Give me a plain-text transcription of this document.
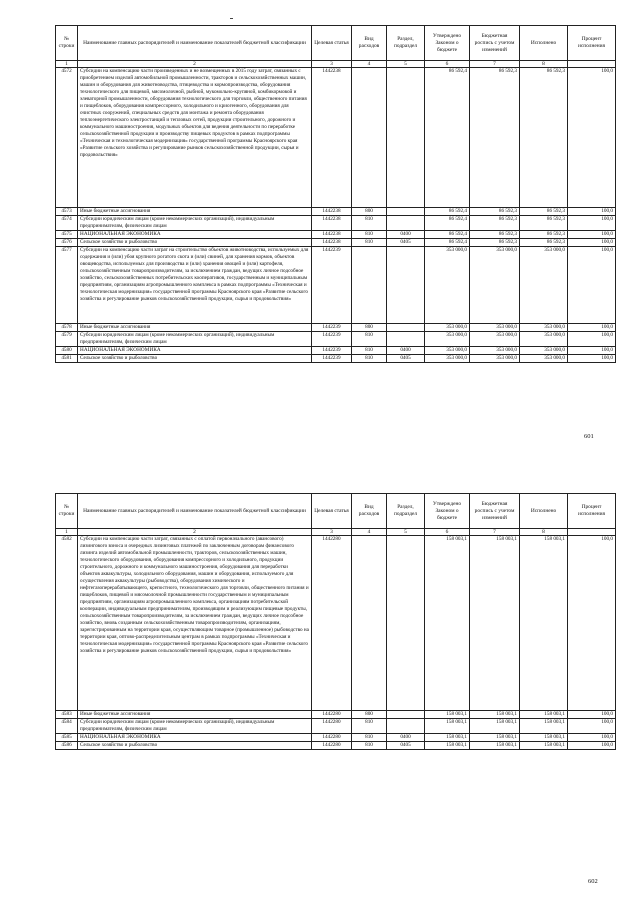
№ строки	Наименование главных распорядителей и наименование показателей бюджетной классификации	Целевая статья	Вид расходов	Раздел, подраздел	Утверждено Законом о бюджете	Бюджетная роспись с учетом изменений	Исполнено	Процент исполнения
1	2	3	4	5	6	7	8	
4572	Субсидии на компенсацию части произведенных и не возмещенных в 2015 году затрат, связанных с приобретением изделий автомобильной промышленности, тракторов и сельскохозяйственных машин, машин и оборудования для животноводства, птицеводства и кормопроизводства, оборудования технологического для пищевой, мясомолочной, рыбной, мукомольно-крупяной, комбикормовой и элеваторной промышленности, оборудования технологического для торговли, общественного питания и пищеблоков, оборудования компрессорного, холодильного и криогенного, оборудования для очистных сооружений, специальных средств для монтажа и ремонта оборудования теплоэнергетического электростанций и тепловых сетей, продукции строительного, дорожного и коммунального машиностроения, модульных объектов для ведения деятельности по переработке сельскохозяйственной продукции и производству пищевых продуктов в рамках подпрограммы «Техническая и технологическая модернизация» государственной программы Красноярского края «Развитие сельского хозяйства и регулирование рынков сельскохозяйственной продукции, сырья и продовольствия»	1442238			86 592,4	86 592,3	86 592,3	100,0
4573	Иные бюджетные ассигнования	1442238	800		86 592,4	86 592,3	86 592,3	100,0
4574	Субсидии юридическим лицам (кроме некоммерческих организаций), индивидуальным предпринимателям, физическим лицам	1442238	810		86 592,4	86 592,3	86 592,3	100,0
4575	НАЦИОНАЛЬНАЯ ЭКОНОМИКА	1442238	810	0400	86 592,4	86 592,3	86 592,3	100,0
4576	Сельское хозяйство и рыболовство	1442238	810	0405	86 592,4	86 592,3	86 592,3	100,0
4577	Субсидии на компенсацию части затрат на строительство объектов животноводства, используемых для содержания и (или) убоя крупного рогатого скота и (или) свиней, для хранения кормов, объектов овощеводства, используемых для производства и (или) хранения овощей и (или) картофеля, сельскохозяйственным товаропроизводителям, за исключением граждан, ведущих личное подсобное хозяйство, сельскохозяйственных потребительских кооперативов, государственным и муниципальным предприятиям, организациям агропромышленного комплекса в рамках подпрограммы «Техническая и технологическая модернизация» государственной программы Красноярского края «Развитие сельского хозяйства и регулирование рынков сельскохозяйственной продукции, сырья и продовольствия»	1442239			353 000,0	353 000,0	353 000,0	100,0
4578	Иные бюджетные ассигнования	1442239	800		353 000,0	353 000,0	353 000,0	100,0
4579	Субсидии юридическим лицам (кроме некоммерческих организаций), индивидуальным предпринимателям, физическим лицам	1442239	810		353 000,0	353 000,0	353 000,0	100,0
4580	НАЦИОНАЛЬНАЯ ЭКОНОМИКА	1442239	810	0400	353 000,0	353 000,0	353 000,0	100,0
4581	Сельское хозяйство и рыболовство	1442239	810	0405	353 000,0	353 000,0	353 000,0	100,0
601
№ строки	Наименование главных распорядителей и наименование показателей бюджетной классификации	Целевая статья	Вид расходов	Раздел, подраздел	Утверждено Законом о бюджете	Бюджетная роспись с учетом изменений	Исполнено	Процент исполнения
1	2	3	4	5	6	7	8	
4582	Субсидии на компенсацию части затрат, связанных с оплатой первоначального (авансового) лизингового взноса и очередных лизинговых платежей по заключенным договорам финансового лизинга изделий автомобильной промышленности, тракторов, сельскохозяйственных машин, технологического оборудования, оборудования компрессорного и холодильного, продукции строительного, дорожного и коммунального машиностроения, оборудования для переработки объектов аквакультуры, холодильного оборудования, машин и оборудования, используемого для осуществления аквакультуры (рыбоводства), оборудования химического и нефтегазоперерабатывающего, крепостного, технологического для торговли, общественного питания и пищеблоков, пищевой и мясомолочной промышленности государственным и муниципальным предприятиям, организациям агропромышленного комплекса, организациям потребительской кооперации, индивидуальным предпринимателям, производящим и реализующим пищевые продукты, сельскохозяйственным товаропроизводителям, за исключением граждан, ведущих личное подсобное хозяйство, вновь созданным сельскохозяйственным товаропроизводителям, организациям, зарегистрированным на территории края, осуществляющим товарное (промышленное) рыбоводство на территории края, оптово-распределительным центрам в рамках подпрограммы «Техническая и технологическая модернизация» государственной программы Красноярского края «Развитие сельского хозяйства и регулирование рынков сельскохозяйственной продукции, сырья и продовольствия»	1442280			158 003,1	158 003,1	158 003,1	100,0
4583	Иные бюджетные ассигнования	1442280	800		158 003,1	158 003,1	158 003,1	100,0
4584	Субсидии юридическим лицам (кроме некоммерческих организаций), индивидуальным предпринимателям, физическим лицам	1442280	810		158 003,1	158 003,1	158 003,1	100,0
4585	НАЦИОНАЛЬНАЯ ЭКОНОМИКА	1442280	810	0400	158 003,1	158 003,1	158 003,1	100,0
4586	Сельское хозяйство и рыболовство	1442280	810	0405	158 003,1	158 003,1	158 003,1	100,0
602
